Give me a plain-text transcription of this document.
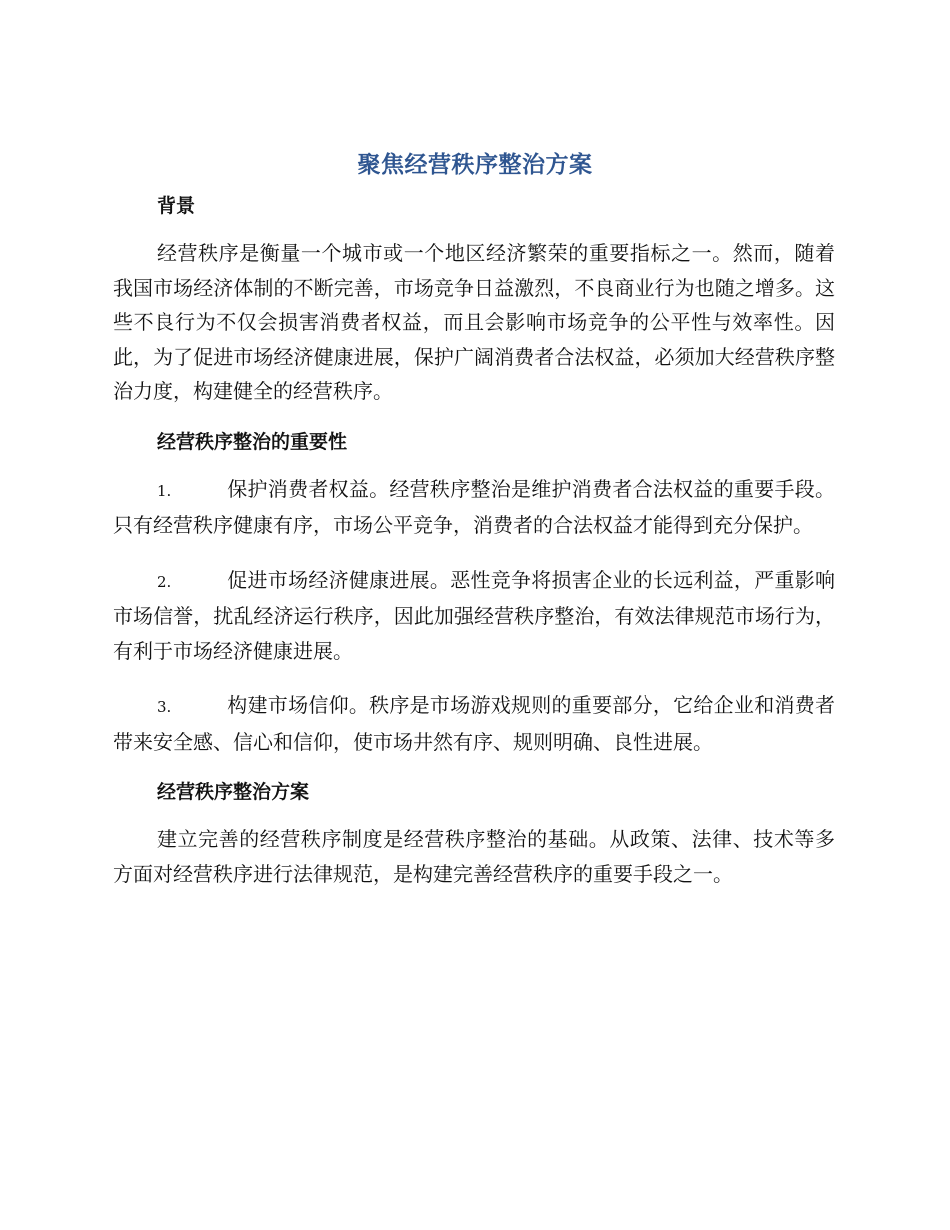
聚焦经营秩序整治方案
背景

经营秩序是衡量一个城市或一个地区经济繁荣的重要指标之一。然而，随着我国市场经济体制的不断完善，市场竞争日益激烈，不良商业行为也随之增多。这些不良行为不仅会损害消费者权益，而且会影响市场竞争的公平性与效率性。因此，为了促进市场经济健康进展，保护广阔消费者合法权益，必须加大经营秩序整治力度，构建健全的经营秩序。

经营秩序整治的重要性

1.	保护消费者权益。经营秩序整治是维护消费者合法权益的重要手段。只有经营秩序健康有序，市场公平竞争，消费者的合法权益才能得到充分保护。

2.	促进市场经济健康进展。恶性竞争将损害企业的长远利益，严重影响市场信誉，扰乱经济运行秩序，因此加强经营秩序整治，有效法律规范市场行为，有利于市场经济健康进展。

3.	构建市场信仰。秩序是市场游戏规则的重要部分，它给企业和消费者带来安全感、信心和信仰，使市场井然有序、规则明确、良性进展。

经营秩序整治方案

建立完善的经营秩序制度是经营秩序整治的基础。从政策、法律、技术等多方面对经营秩序进行法律规范，是构建完善经营秩序的重要手段之一。
